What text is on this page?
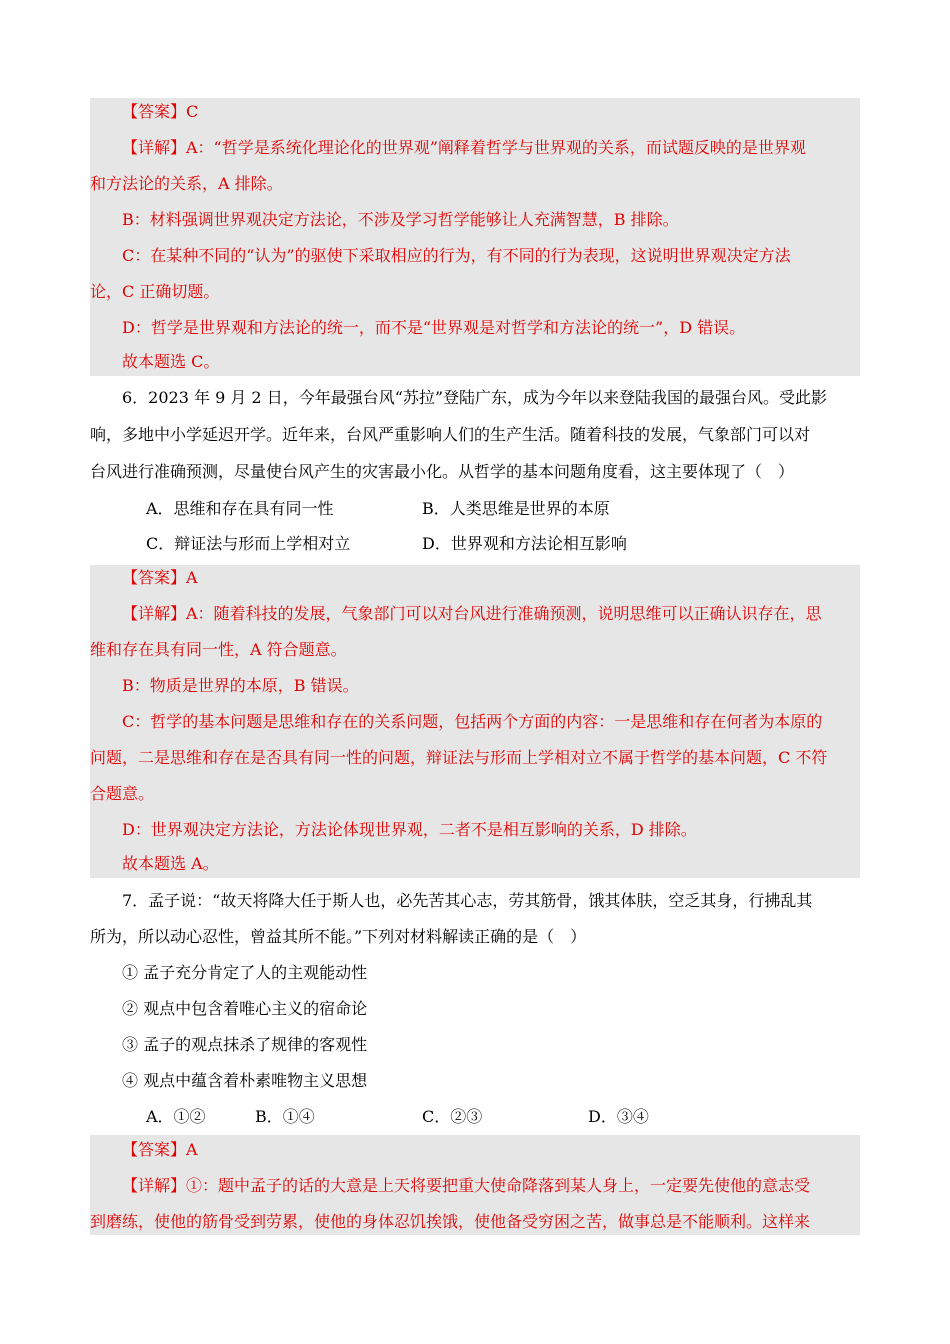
【答案】C
【详解】A：“哲学是系统化理论化的世界观”阐释着哲学与世界观的关系，而试题反映的是世界观
和方法论的关系，A 排除。
B：材料强调世界观决定方法论，不涉及学习哲学能够让人充满智慧，B 排除。
C：在某种不同的“认为”的驱使下采取相应的行为，有不同的行为表现，这说明世界观决定方法
论，C 正确切题。
D：哲学是世界观和方法论的统一，而不是“世界观是对哲学和方法论的统一”，D 错误。
故本题选 C。
6．2023 年 9 月 2 日，今年最强台风“苏拉”登陆广东，成为今年以来登陆我国的最强台风。受此影
响，多地中小学延迟开学。近年来，台风严重影响人们的生产生活。随着科技的发展，气象部门可以对
台风进行准确预测，尽量使台风产生的灾害最小化。从哲学的基本问题角度看，这主要体现了（　）
A．思维和存在具有同一性	B．人类思维是世界的本原
C．辩证法与形而上学相对立	D．世界观和方法论相互影响
【答案】A
【详解】A：随着科技的发展，气象部门可以对台风进行准确预测，说明思维可以正确认识存在，思
维和存在具有同一性，A 符合题意。
B：物质是世界的本原，B 错误。
C：哲学的基本问题是思维和存在的关系问题，包括两个方面的内容：一是思维和存在何者为本原的
问题，二是思维和存在是否具有同一性的问题，辩证法与形而上学相对立不属于哲学的基本问题，C 不符
合题意。
D：世界观决定方法论，方法论体现世界观，二者不是相互影响的关系，D 排除。
故本题选 A。
7．孟子说：“故天将降大任于斯人也，必先苦其心志，劳其筋骨，饿其体肤，空乏其身，行拂乱其
所为，所以动心忍性，曾益其所不能。”下列对材料解读正确的是（　）
① 孟子充分肯定了人的主观能动性
② 观点中包含着唯心主义的宿命论
③ 孟子的观点抹杀了规律的客观性
④ 观点中蕴含着朴素唯物主义思想
A．①②	B．①④	C．②③	D．③④
【答案】A
【详解】①：题中孟子的话的大意是上天将要把重大使命降落到某人身上，一定要先使他的意志受
到磨练，使他的筋骨受到劳累，使他的身体忍饥挨饿，使他备受穷困之苦，做事总是不能顺利。这样来
